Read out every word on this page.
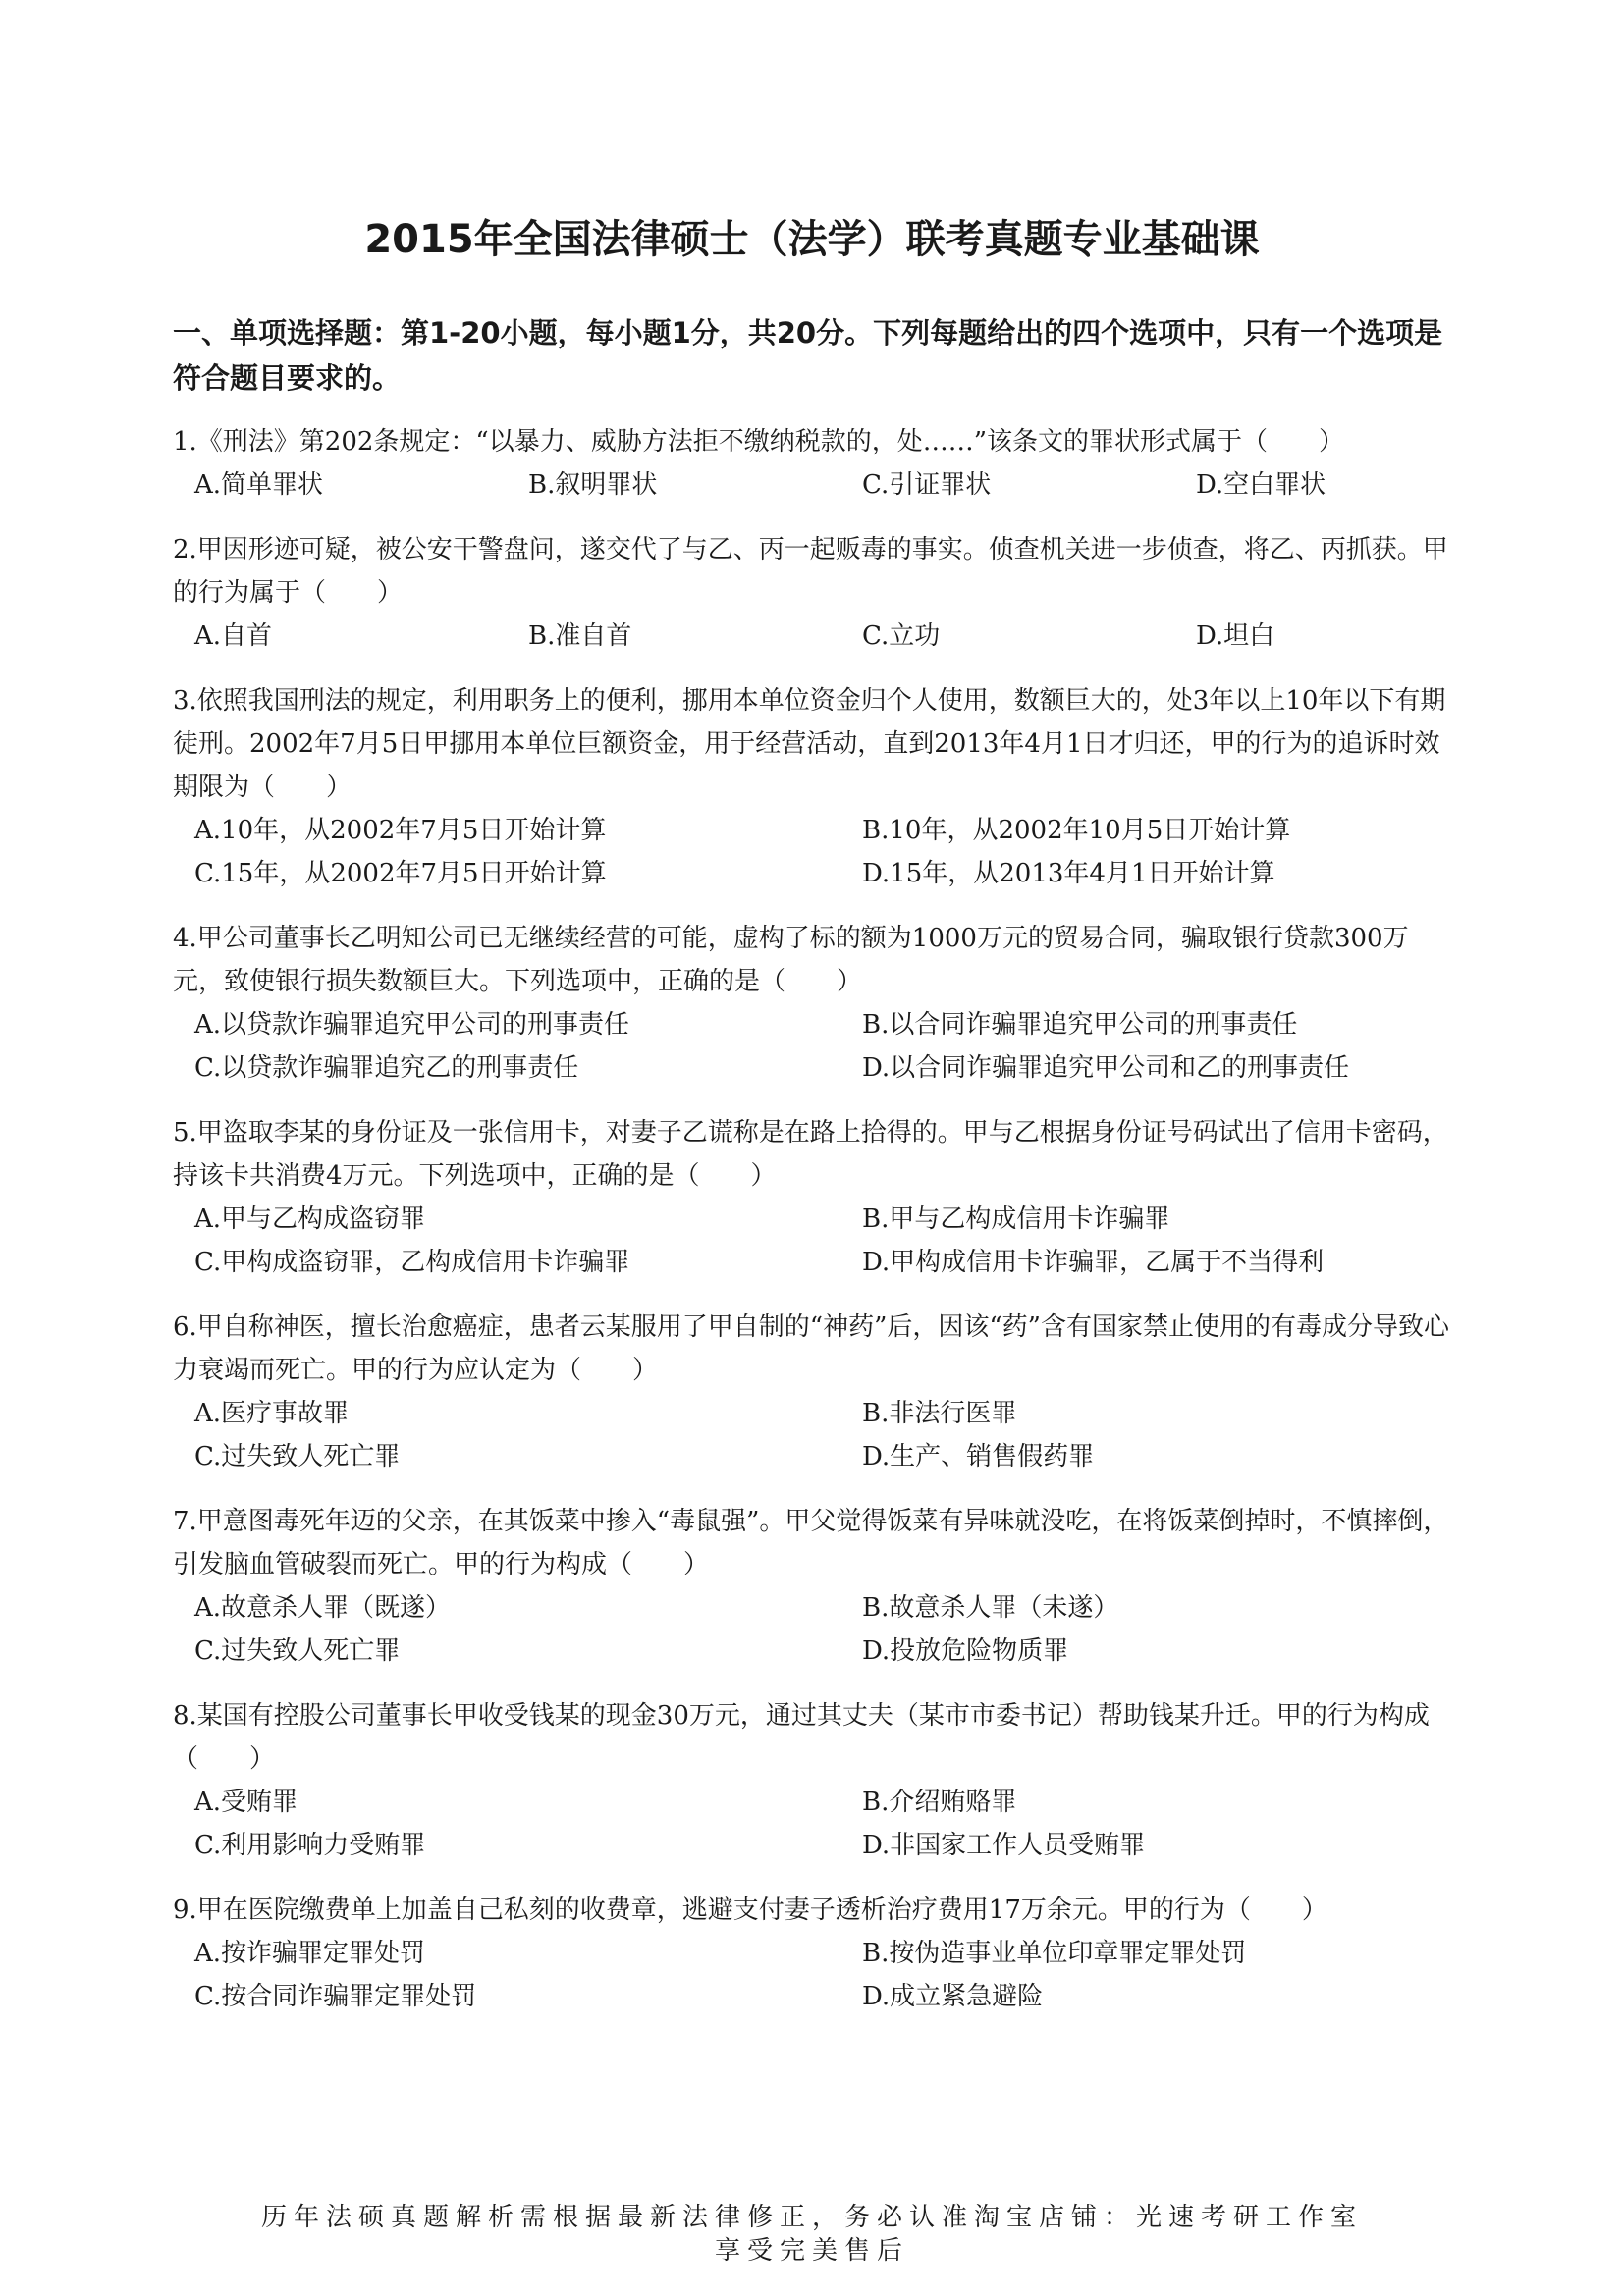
2015年全国法律硕士（法学）联考真题专业基础课
一、单项选择题：第1-20小题，每小题1分，共20分。下列每题给出的四个选项中，只有一个选项是符合题目要求的。

1.《刑法》第202条规定：“以暴力、威胁方法拒不缴纳税款的，处……”该条文的罪状形式属于（　　）

A.简单罪状	B.叙明罪状	C.引证罪状	D.空白罪状

2.甲因形迹可疑，被公安干警盘问，遂交代了与乙、丙一起贩毒的事实。侦查机关进一步侦查，将乙、丙抓获。甲的行为属于（　　）

A.自首	B.准自首	C.立功	D.坦白

3.依照我国刑法的规定，利用职务上的便利，挪用本单位资金归个人使用，数额巨大的，处3年以上10年以下有期徒刑。2002年7月5日甲挪用本单位巨额资金，用于经营活动，直到2013年4月1日才归还，甲的行为的追诉时效期限为（　　）

A.10年，从2002年7月5日开始计算	B.10年，从2002年10月5日开始计算
C.15年，从2002年7月5日开始计算	D.15年，从2013年4月1日开始计算

4.甲公司董事长乙明知公司已无继续经营的可能，虚构了标的额为1000万元的贸易合同，骗取银行贷款300万元，致使银行损失数额巨大。下列选项中，正确的是（　　）

A.以贷款诈骗罪追究甲公司的刑事责任	B.以合同诈骗罪追究甲公司的刑事责任
C.以贷款诈骗罪追究乙的刑事责任	D.以合同诈骗罪追究甲公司和乙的刑事责任

5.甲盗取李某的身份证及一张信用卡，对妻子乙谎称是在路上拾得的。甲与乙根据身份证号码试出了信用卡密码，持该卡共消费4万元。下列选项中，正确的是（　　）

A.甲与乙构成盗窃罪	B.甲与乙构成信用卡诈骗罪
C.甲构成盗窃罪，乙构成信用卡诈骗罪	D.甲构成信用卡诈骗罪，乙属于不当得利

6.甲自称神医，擅长治愈癌症，患者云某服用了甲自制的“神药”后，因该“药”含有国家禁止使用的有毒成分导致心力衰竭而死亡。甲的行为应认定为（　　）

A.医疗事故罪	B.非法行医罪
C.过失致人死亡罪	D.生产、销售假药罪

7.甲意图毒死年迈的父亲，在其饭菜中掺入“毒鼠强”。甲父觉得饭菜有异味就没吃，在将饭菜倒掉时，不慎摔倒，引发脑血管破裂而死亡。甲的行为构成（　　）

A.故意杀人罪（既遂）	B.故意杀人罪（未遂）
C.过失致人死亡罪	D.投放危险物质罪

8.某国有控股公司董事长甲收受钱某的现金30万元，通过其丈夫（某市市委书记）帮助钱某升迁。甲的行为构成（　　）

A.受贿罪	B.介绍贿赂罪
C.利用影响力受贿罪	D.非国家工作人员受贿罪

9.甲在医院缴费单上加盖自己私刻的收费章，逃避支付妻子透析治疗费用17万余元。甲的行为（　　）

A.按诈骗罪定罪处罚	B.按伪造事业单位印章罪定罪处罚
C.按合同诈骗罪定罪处罚	D.成立紧急避险
历年法硕真题解析需根据最新法律修正，务必认准淘宝店铺：光速考研工作室
享受完美售后
